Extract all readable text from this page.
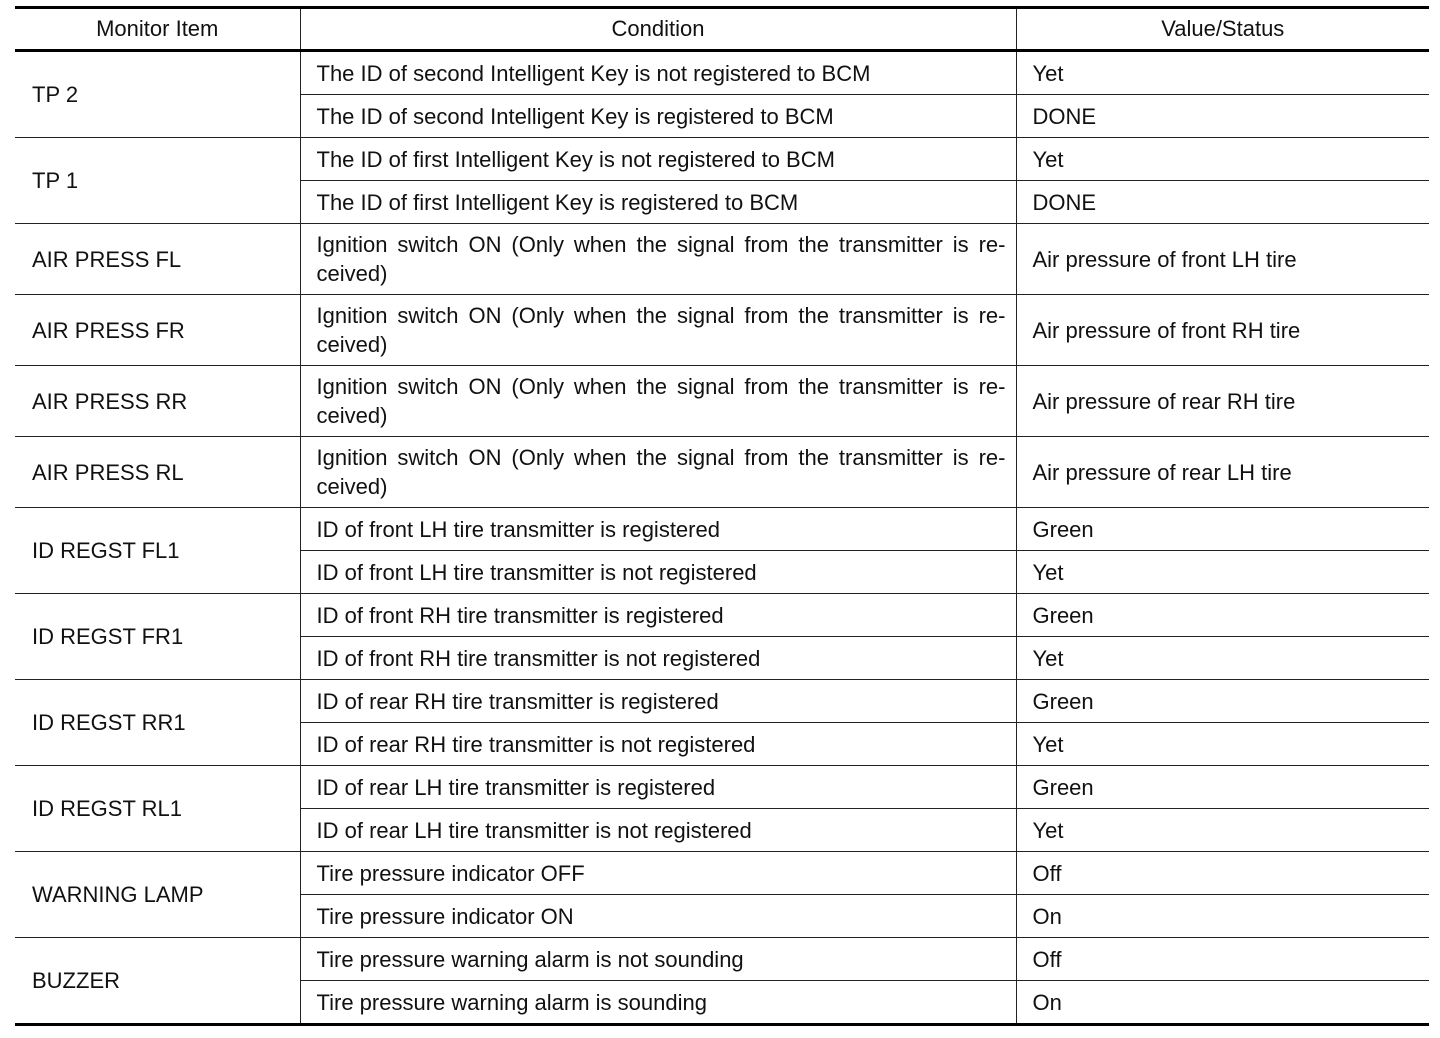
Monitor Item	Condition	Value/Status
TP 2	The ID of second Intelligent Key is not registered to BCM	Yet
	The ID of second Intelligent Key is registered to BCM	DONE
TP 1	The ID of first Intelligent Key is not registered to BCM	Yet
	The ID of first Intelligent Key is registered to BCM	DONE
AIR PRESS FL	Ignition switch ON (Only when the signal from the transmitter is re-ceived)	Air pressure of front LH tire
AIR PRESS FR	Ignition switch ON (Only when the signal from the transmitter is re-ceived)	Air pressure of front RH tire
AIR PRESS RR	Ignition switch ON (Only when the signal from the transmitter is re-ceived)	Air pressure of rear RH tire
AIR PRESS RL	Ignition switch ON (Only when the signal from the transmitter is re-ceived)	Air pressure of rear LH tire
ID REGST FL1	ID of front LH tire transmitter is registered	Green
	ID of front LH tire transmitter is not registered	Yet
ID REGST FR1	ID of front RH tire transmitter is registered	Green
	ID of front RH tire transmitter is not registered	Yet
ID REGST RR1	ID of rear RH tire transmitter is registered	Green
	ID of rear RH tire transmitter is not registered	Yet
ID REGST RL1	ID of rear LH tire transmitter is registered	Green
	ID of rear LH tire transmitter is not registered	Yet
WARNING LAMP	Tire pressure indicator OFF	Off
	Tire pressure indicator ON	On
BUZZER	Tire pressure warning alarm is not sounding	Off
	Tire pressure warning alarm is sounding	On
